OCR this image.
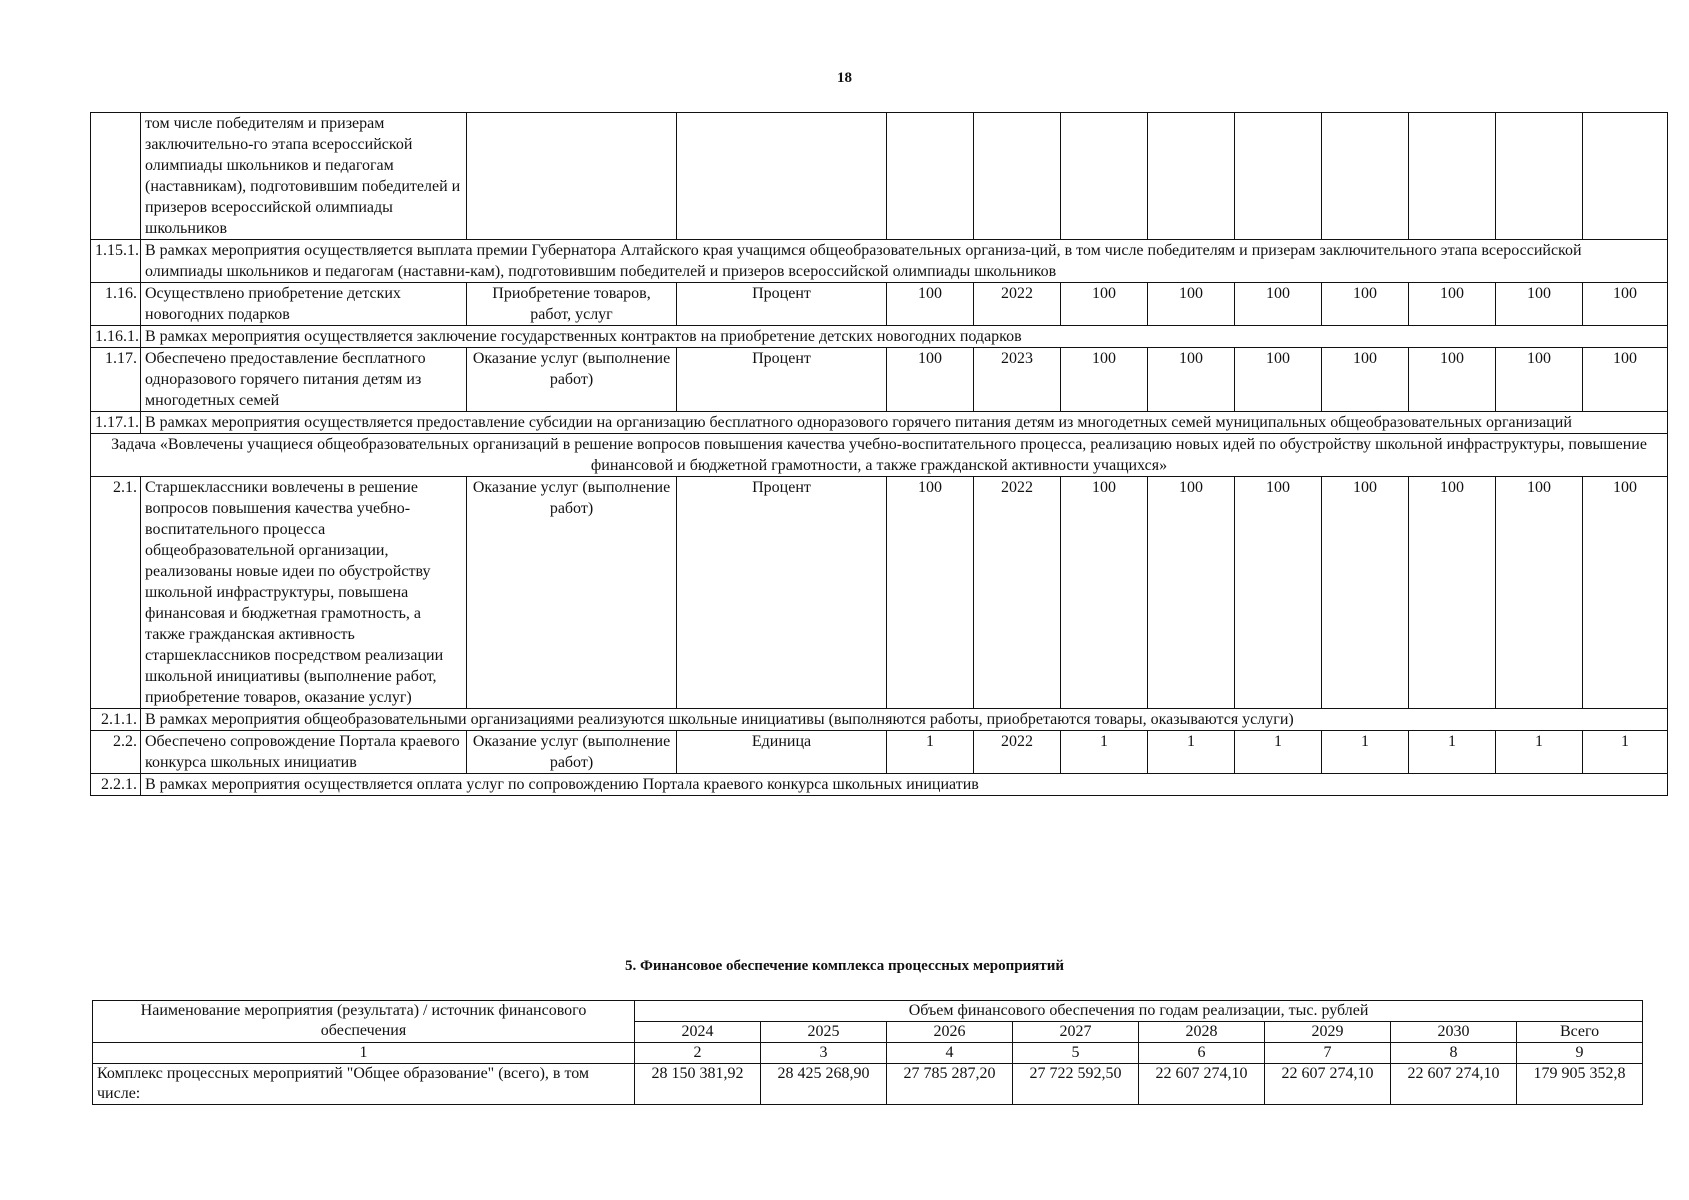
18
	том числе победителям и призерам заключительно-го этапа всероссийской олимпиады школьников и педагогам (наставникам), подготовившим победителей и призеров всероссийской олимпиады школьников											
1.15.1.	В рамках мероприятия осуществляется выплата премии Губернатора Алтайского края учащимся общеобразовательных организа-ций, в том числе победителям и призерам заключительного этапа всероссийской олимпиады школьников и педагогам (наставни-кам), подготовившим победителей и призеров всероссийской олимпиады школьников											
1.16.	Осуществлено приобретение детских новогодних подарков	Приобретение товаров, работ, услуг	Процент	100	2022	100	100	100	100	100	100	100
1.16.1.	В рамках мероприятия осуществляется заключение государственных контрактов на приобретение детских новогодних подарков											
1.17.	Обеспечено предоставление бесплатного одноразового горячего питания детям из многодетных семей	Оказание услуг (выполнение работ)	Процент	100	2023	100	100	100	100	100	100	100
1.17.1.	В рамках мероприятия осуществляется предоставление субсидии на организацию бесплатного одноразового горячего питания детям из многодетных семей муниципальных общеобразовательных организаций											
Задача «Вовлечены учащиеся общеобразовательных организаций в решение вопросов повышения качества учебно-воспитательного процесса, реализацию новых идей по обустройству школьной инфраструктуры, повышение финансовой и бюджетной грамотности, а также гражданской активности учащихся»												
2.1.	Старшеклассники вовлечены в решение вопросов повышения качества учебно-воспитательного процесса общеобразовательной организации, реализованы новые идеи по обустройству школьной инфраструктуры, повышена финансовая и бюджетная грамотность, а также гражданская активность старшеклассников посредством реализации школьной инициативы (выполнение работ, приобретение товаров, оказание услуг)	Оказание услуг (выполнение работ)	Процент	100	2022	100	100	100	100	100	100	100
2.1.1.	В рамках мероприятия общеобразовательными организациями реализуются школьные инициативы (выполняются работы, приобретаются товары, оказываются услуги)											
2.2.	Обеспечено сопровождение Портала краевого конкурса школьных инициатив	Оказание услуг (выполнение работ)	Единица	1	2022	1	1	1	1	1	1	1
2.2.1.	В рамках мероприятия осуществляется оплата услуг по сопровождению Портала краевого конкурса школьных инициатив											
5. Финансовое обеспечение комплекса процессных мероприятий
Наименование мероприятия (результата) / источник финансового обеспечения	Объем финансового обеспечения по годам реализации, тыс. рублей							
	2024	2025	2026	2027	2028	2029	2030	Всего
1	2	3	4	5	6	7	8	9
Комплекс процессных мероприятий "Общее образование" (всего), в том числе:	28 150 381,92	28 425 268,90	27 785 287,20	27 722 592,50	22 607 274,10	22 607 274,10	22 607 274,10	179 905 352,8
